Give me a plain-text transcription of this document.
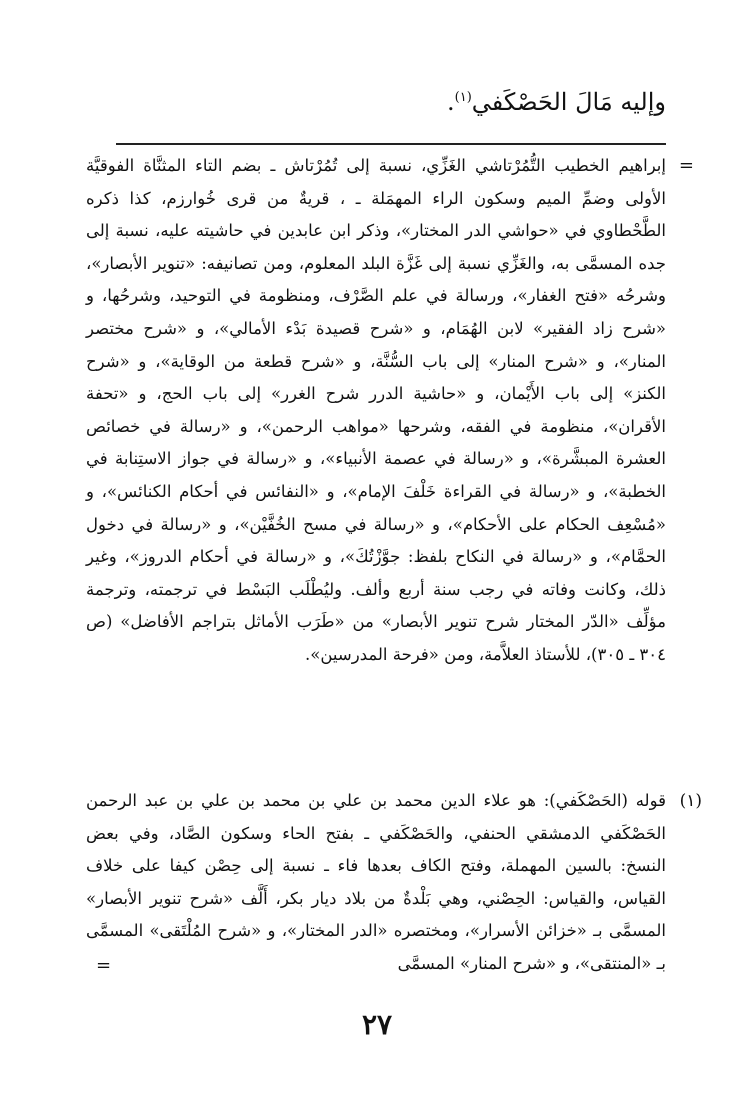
وإليه مَالَ الحَصْكَفي$^{(١)}$.
=
إبراهيم الخطيب التُّمُرْتاشي الغَزِّي، نسبة إلى تُمُرْتاش ـ بضم التاء المثنَّاة الفوقيَّة الأولى وضمِّ الميم وسكون الراء المهمَلة ـ ، قريةٌ من قرى خُوارزم، كذا ذكره الطَّحْطاوي في «حواشي الدر المختار»، وذكر ابن عابدين في حاشيته عليه، نسبة إلى جده المسمَّى به، والغَزِّي نسبة إلى غَزَّة البلد المعلوم، ومن تصانيفه: «تنوير الأبصار»، وشرحُه «فتح الغفار»، ورسالة في علم الصَّرْف، ومنظومة في التوحيد، وشرحُها، و «شرح زاد الفقير» لابن الهُمَام، و «شرح قصيدة بَدْء الأمالي»، و «شرح مختصر المنار»، و «شرح المنار» إلى باب السُّنَّة، و «شرح قطعة من الوقاية»، و «شرح الكنز» إلى باب الأَيْمان، و «حاشية الدرر شرح الغرر» إلى باب الحج، و «تحفة الأقران»، منظومة في الفقه، وشرحها «مواهب الرحمن»، و «رسالة في خصائص العشرة المبشَّرة»، و «رسالة في عصمة الأنبياء»، و «رسالة في جواز الاستِنابة في الخطبة»، و «رسالة في القراءة خَلْفَ الإمام»، و «النفائس في أحكام الكنائس»، و «مُسْعِف الحكام على الأحكام»، و «رسالة في مسح الخُفَّيْن»، و «رسالة في دخول الحمَّام»، و «رسالة في النكاح بلفظ: جوَّزْتُكَ»، و «رسالة في أحكام الدروز»، وغير ذلك، وكانت وفاته في رجب سنة أربع وألف. وليُطْلَب البَسْط في ترجمته، وترجمة مؤلِّف «الدّر المختار شرح تنوير الأبصار» من «طَرَب الأماثل بتراجم الأفاضل» (ص ٣٠٤ ـ ٣٠٥)، للأستاذ العلاَّمة، ومن «فرحة المدرسين».
(١)
قوله (الحَصْكَفي): هو علاء الدين محمد بن علي بن محمد بن علي بن عبد الرحمن الحَصْكَفي الدمشقي الحنفي، والحَصْكَفي ـ بفتح الحاء وسكون الصَّاد، وفي بعض النسخ: بالسين المهملة، وفتح الكاف بعدها فاء ـ نسبة إلى حِصْن كيفا على خلاف القياس، والقياس: الحِصْني، وهي بَلْدةٌ من بلاد ديار بكر، أَلَّف «شرح تنوير الأبصار» المسمَّى بـ «خزائن الأسرار»، ومختصره «الدر المختار»، و «شرح المُلْتَقى» المسمَّى بـ «المنتقى»، و «شرح المنار» المسمَّى
=
٢٧
